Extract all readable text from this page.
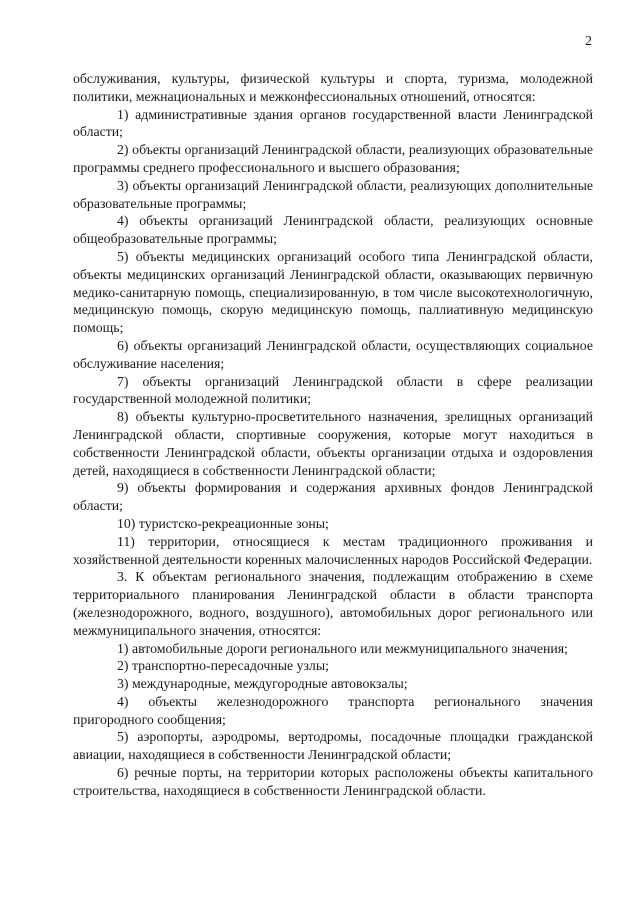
2

обслуживания, культуры, физической культуры и спорта, туризма, молодежной политики, межнациональных и межконфессиональных отношений, относятся:

1) административные здания органов государственной власти Ленинградской области;

2) объекты организаций Ленинградской области, реализующих образовательные программы среднего профессионального и высшего образования;

3) объекты организаций Ленинградской области, реализующих дополнительные образовательные программы;

4) объекты организаций Ленинградской области, реализующих основные общеобразовательные программы;

5) объекты медицинских организаций особого типа Ленинградской области, объекты медицинских организаций Ленинградской области, оказывающих первичную медико-санитарную помощь, специализированную, в том числе высокотехнологичную, медицинскую помощь, скорую медицинскую помощь, паллиативную медицинскую помощь;

6) объекты организаций Ленинградской области, осуществляющих социальное обслуживание населения;

7) объекты организаций Ленинградской области в сфере реализации государственной молодежной политики;

8) объекты культурно-просветительного назначения, зрелищных организаций Ленинградской области, спортивные сооружения, которые могут находиться в собственности Ленинградской области, объекты организации отдыха и оздоровления детей, находящиеся в собственности Ленинградской области;

9) объекты формирования и содержания архивных фондов Ленинградской области;

10) туристско-рекреационные зоны;

11) территории, относящиеся к местам традиционного проживания и хозяйственной деятельности коренных малочисленных народов Российской Федерации.

3. К объектам регионального значения, подлежащим отображению в схеме территориального планирования Ленинградской области в области транспорта (железнодорожного, водного, воздушного), автомобильных дорог регионального или межмуниципального значения, относятся:

1) автомобильные дороги регионального или межмуниципального значения;

2) транспортно-пересадочные узлы;

3) международные, междугородные автовокзалы;

4) объекты железнодорожного транспорта регионального значения пригородного сообщения;

5) аэропорты, аэродромы, вертодромы, посадочные площадки гражданской авиации, находящиеся в собственности Ленинградской области;

6) речные порты, на территории которых расположены объекты капитального строительства, находящиеся в собственности Ленинградской области.
